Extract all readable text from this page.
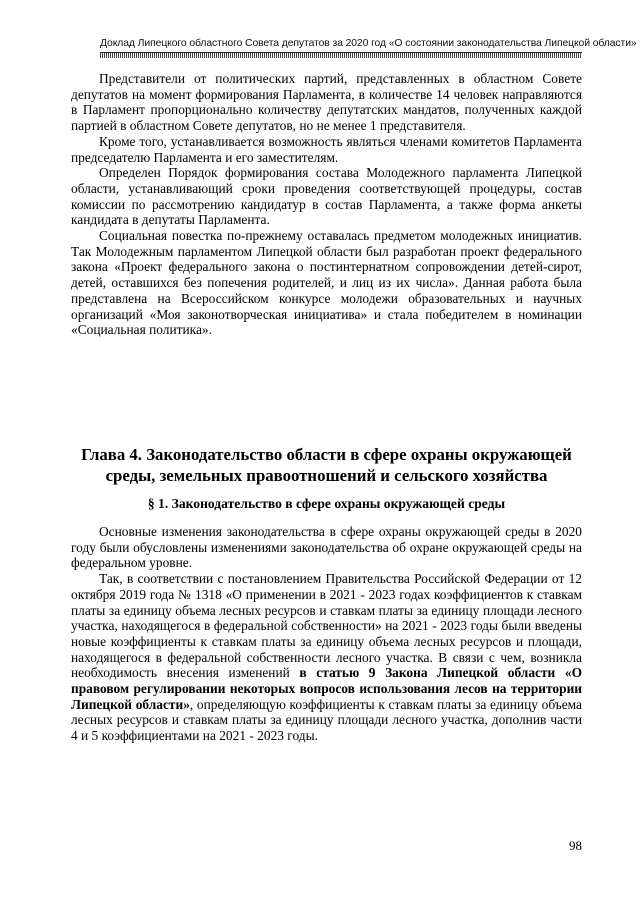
Доклад Липецкого областного Совета депутатов за 2020 год «О состоянии законодательства Липецкой области»

Представители от политических партий, представленных в областном Совете депутатов на момент формирования Парламента, в количестве 14 человек направляются в Парламент пропорционально количеству депутатских мандатов, полученных каждой партией в областном Совете депутатов, но не менее 1 представителя.

Кроме того, устанавливается возможность являться членами комитетов Парламента председателю Парламента и его заместителям.

Определен Порядок формирования состава Молодежного парламента Липецкой области, устанавливающий сроки проведения соответствующей процедуры, состав комиссии по рассмотрению кандидатур в состав Парламента, а также форма анкеты кандидата в депутаты Парламента.

Социальная повестка по-прежнему оставалась предметом молодежных инициатив. Так Молодежным парламентом Липецкой области был разработан проект федерального закона «Проект федерального закона о постинтернатном сопровождении детей-сирот, детей, оставшихся без попечения родителей, и лиц из их числа». Данная работа была представлена на Всероссийском конкурсе молодежи образовательных и научных организаций «Моя законотворческая инициатива» и стала победителем в номинации «Социальная политика».

Глава 4. Законодательство области в сфере охраны окружающей
среды, земельных правоотношений и сельского хозяйства
§ 1. Законодательство в сфере охраны окружающей среды

Основные изменения законодательства в сфере охраны окружающей среды в 2020 году были обусловлены изменениями законодательства об охране окружающей среды на федеральном уровне.

Так, в соответствии с постановлением Правительства Российской Федерации от 12 октября 2019 года № 1318 «О применении в 2021 - 2023 годах коэффициентов к ставкам платы за единицу объема лесных ресурсов и ставкам платы за единицу площади лесного участка, находящегося в федеральной собственности» на 2021 - 2023 годы были введены новые коэффициенты к ставкам платы за единицу объема лесных ресурсов и площади, находящегося в федеральной собственности лесного участка. В связи с чем, возникла необходимость внесения изменений в статью 9 Закона Липецкой области «О правовом регулировании некоторых вопросов использования лесов на территории Липецкой области», определяющую коэффициенты к ставкам платы за единицу объема лесных ресурсов и ставкам платы за единицу площади лесного участка, дополнив части 4 и 5 коэффициентами на 2021 - 2023 годы.

98
